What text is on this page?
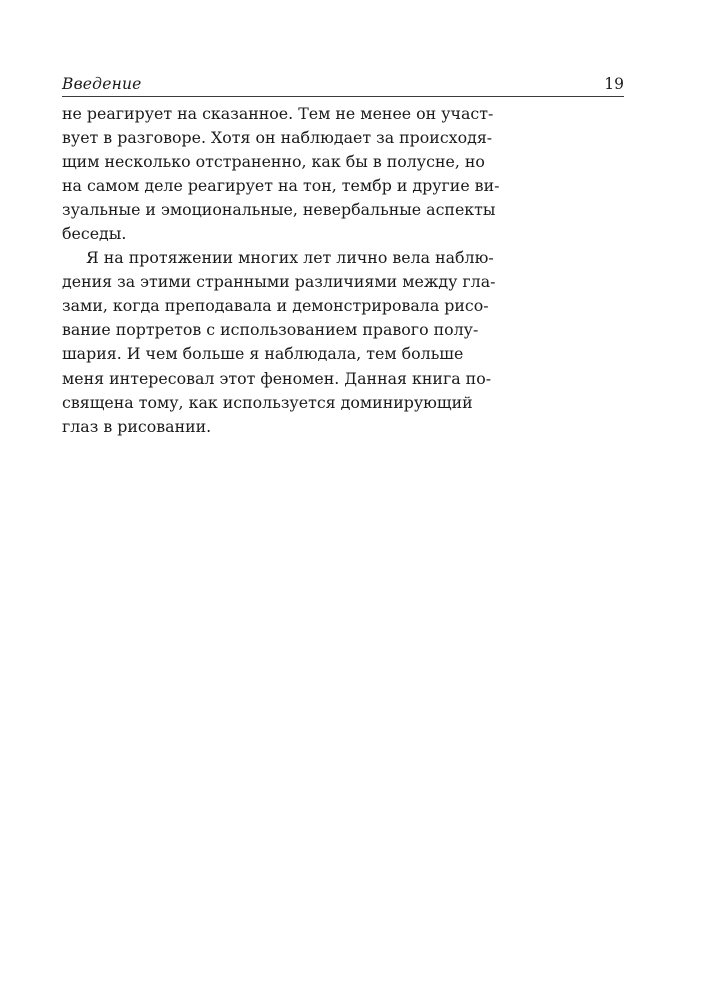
Введение	19
не реагирует на сказанное. Тем не менее он участ-
вует в разговоре. Хотя он наблюдает за происходя-
щим несколько отстраненно, как бы в полусне, но
на самом деле реагирует на тон, тембр и другие ви-
зуальные и эмоциональные, невербальные аспекты
беседы.
Я на протяжении многих лет лично вела наблю-
дения за этими странными различиями между гла-
зами, когда преподавала и демонстрировала рисо-
вание портретов с использованием правого полу-
шария. И чем больше я наблюдала, тем больше
меня интересовал этот феномен. Данная книга по-
священа тому, как используется доминирующий
глаз в рисовании.
